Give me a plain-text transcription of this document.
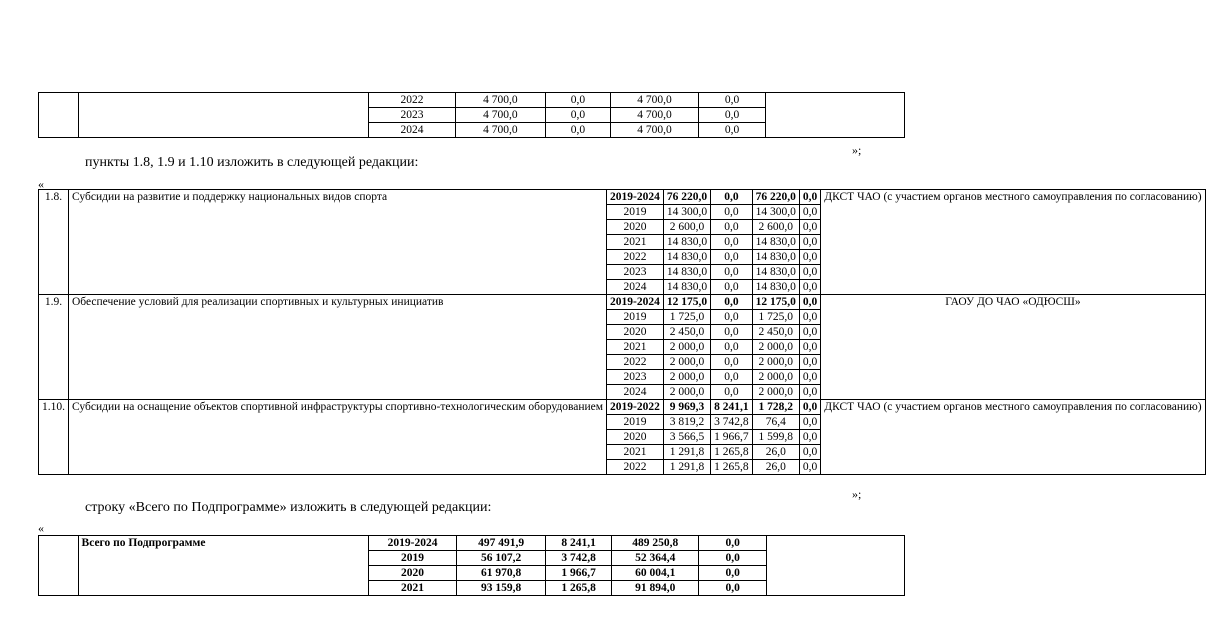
		2022	4 700,0	0,0	4 700,0	0,0	
		2023	4 700,0	0,0	4 700,0	0,0	
		2024	4 700,0	0,0	4 700,0	0,0	
»;
пункты 1.8, 1.9 и 1.10 изложить в следующей редакции:
«
1.8.	Субсидии на развитие и поддержку национальных видов спорта	2019-2024	76 220,0	0,0	76 220,0	0,0	ДКСТ ЧАО (с участием органов местного самоуправления по согласованию)
		2019	14 300,0	0,0	14 300,0	0,0	
		2020	2 600,0	0,0	2 600,0	0,0	
		2021	14 830,0	0,0	14 830,0	0,0	
		2022	14 830,0	0,0	14 830,0	0,0	
		2023	14 830,0	0,0	14 830,0	0,0	
		2024	14 830,0	0,0	14 830,0	0,0	
1.9.	Обеспечение условий для реализации спортивных и культурных инициатив	2019-2024	12 175,0	0,0	12 175,0	0,0	ГАОУ ДО ЧАО «ОДЮСШ»
		2019	1 725,0	0,0	1 725,0	0,0	
		2020	2 450,0	0,0	2 450,0	0,0	
		2021	2 000,0	0,0	2 000,0	0,0	
		2022	2 000,0	0,0	2 000,0	0,0	
		2023	2 000,0	0,0	2 000,0	0,0	
		2024	2 000,0	0,0	2 000,0	0,0	
1.10.	Субсидии на оснащение объектов спортивной инфраструктуры спортивно-технологическим оборудованием	2019-2022	9 969,3	8 241,1	1 728,2	0,0	ДКСТ ЧАО (с участием органов местного самоуправления по согласованию)
		2019	3 819,2	3 742,8	76,4	0,0	
		2020	3 566,5	1 966,7	1 599,8	0,0	
		2021	1 291,8	1 265,8	26,0	0,0	
		2022	1 291,8	1 265,8	26,0	0,0	
»;
строку «Всего по Подпрограмме» изложить в следующей редакции:
«
	Всего по Подпрограмме	2019-2024	497 491,9	8 241,1	489 250,8	0,0	
		2019	56 107,2	3 742,8	52 364,4	0,0	
		2020	61 970,8	1 966,7	60 004,1	0,0	
		2021	93 159,8	1 265,8	91 894,0	0,0	
